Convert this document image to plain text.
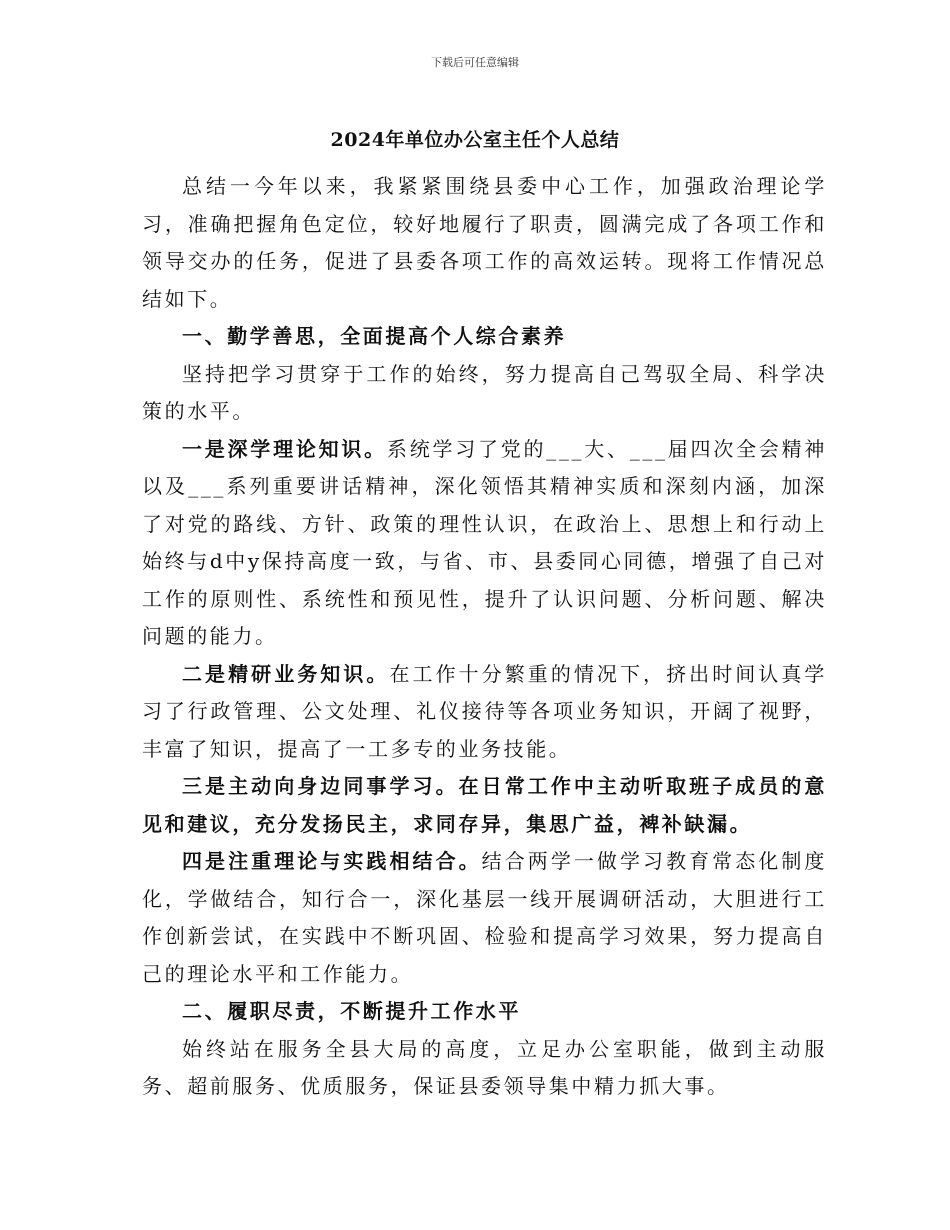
下载后可任意编辑
2024年单位办公室主任个人总结

总结一今年以来，我紧紧围绕县委中心工作，加强政治理论学习，准确把握角色定位，较好地履行了职责，圆满完成了各项工作和领导交办的任务，促进了县委各项工作的高效运转。现将工作情况总结如下。

一、勤学善思，全面提高个人综合素养

坚持把学习贯穿于工作的始终，努力提高自己驾驭全局、科学决策的水平。

一是深学理论知识。系统学习了党的___大、___届四次全会精神以及___系列重要讲话精神，深化领悟其精神实质和深刻内涵，加深了对党的路线、方针、政策的理性认识，在政治上、思想上和行动上始终与d中y保持高度一致，与省、市、县委同心同德，增强了自己对工作的原则性、系统性和预见性，提升了认识问题、分析问题、解决问题的能力。

二是精研业务知识。在工作十分繁重的情况下，挤出时间认真学习了行政管理、公文处理、礼仪接待等各项业务知识，开阔了视野，丰富了知识，提高了一工多专的业务技能。

三是主动向身边同事学习。在日常工作中主动听取班子成员的意见和建议，充分发扬民主，求同存异，集思广益，裨补缺漏。

四是注重理论与实践相结合。结合两学一做学习教育常态化制度化，学做结合，知行合一，深化基层一线开展调研活动，大胆进行工作创新尝试，在实践中不断巩固、检验和提高学习效果，努力提高自己的理论水平和工作能力。

二、履职尽责，不断提升工作水平

始终站在服务全县大局的高度，立足办公室职能，做到主动服务、超前服务、优质服务，保证县委领导集中精力抓大事。
